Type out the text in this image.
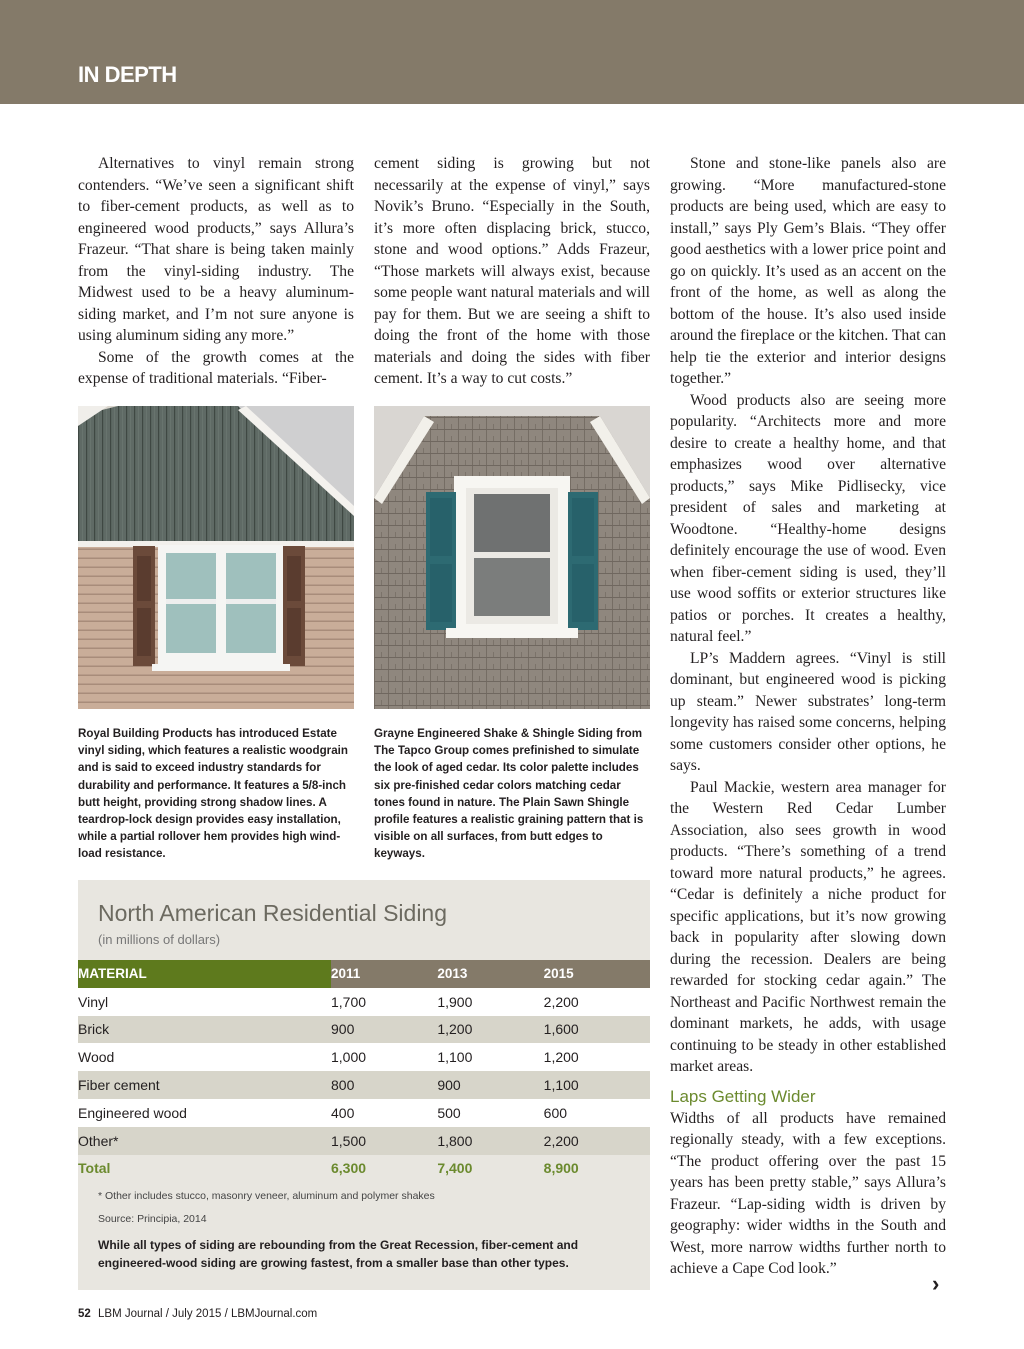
IN DEPTH

Alternatives to vinyl remain strong contenders. “We’ve seen a significant shift to fiber-cement products, as well as to engineered wood products,” says Allura’s Frazeur. “That share is being taken mainly from the vinyl-siding industry. The Midwest used to be a heavy aluminum-siding market, and I’m not sure anyone is using aluminum siding any more.”

Some of the growth comes at the expense of traditional materials. “Fiber-

cement siding is growing but not necessarily at the expense of vinyl,” says Novik’s Bruno. “Especially in the South, it’s more often displacing brick, stucco, stone and wood options.” Adds Frazeur, “Those markets will always exist, because some people want natural materials and will pay for them. But we are seeing a shift to doing the front of the home with those materials and doing the sides with fiber cement. It’s a way to cut costs.”

Stone and stone-like panels also are growing. “More manufactured-stone products are being used, which are easy to install,” says Ply Gem’s Blais. “They offer good aesthetics with a lower price point and go on quickly. It’s used as an accent on the front of the home, as well as along the bottom of the house. It’s also used inside around the fireplace or the kitchen. That can help tie the exterior and interior designs together.”

Wood products also are seeing more popularity. “Architects more and more desire to create a healthy home, and that emphasizes wood over alternative products,” says Mike Pidlisecky, vice president of sales and marketing at Woodtone. “Healthy-home designs definitely encourage the use of wood. Even when fiber-cement siding is used, they’ll use wood soffits or exterior structures like patios or porches. It creates a healthy, natural feel.”

LP’s Maddern agrees. “Vinyl is still dominant, but engineered wood is picking up steam.” Newer substrates’ long-term longevity has raised some concerns, helping some customers consider other options, he says.

Paul Mackie, western area manager for the Western Red Cedar Lumber Association, also sees growth in wood products. “There’s something of a trend toward more natural products,” he agrees. “Cedar is definitely a niche product for specific applications, but it’s now growing back in popularity after slowing down during the recession. Dealers are being rewarded for stocking cedar again.” The Northeast and Pacific Northwest remain the dominant markets, he adds, with usage continuing to be steady in other established market areas.

Laps Getting Wider

Widths of all products have remained regionally steady, with a few exceptions. “The product offering over the past 15 years has been pretty stable,” says Allura’s Frazeur. “Lap-siding width is driven by geography: wider widths in the South and West, more narrow widths further north to achieve a Cape Cod look.”

Royal Building Products has introduced Estate vinyl siding, which features a realistic woodgrain and is said to exceed industry standards for durability and performance. It features a 5/8-inch butt height, providing strong shadow lines. A teardrop-lock design provides easy installation, while a partial rollover hem provides high wind-load resistance.
Grayne Engineered Shake & Shingle Siding from The Tapco Group comes prefinished to simulate the look of aged cedar. Its color palette includes six pre-finished cedar colors matching cedar tones found in nature. The Plain Sawn Shingle profile features a realistic graining pattern that is visible on all surfaces, from butt edges to keyways.
North American Residential Siding
(in millions of dollars)
MATERIAL	2011	2013	2015
Vinyl	1,700	1,900	2,200
Brick	900	1,200	1,600
Wood	1,000	1,100	1,200
Fiber cement	800	900	1,100
Engineered wood	400	500	600
Other*	1,500	1,800	2,200
Total	6,300	7,400	8,900
* Other includes stucco, masonry veneer, aluminum and polymer shakes
Source: Principia, 2014
While all types of siding are rebounding from the Great Recession, fiber-cement and engineered-wood siding are growing fastest, from a smaller base than other types.
52 LBM Journal / July 2015 / LBMJournal.com
›
